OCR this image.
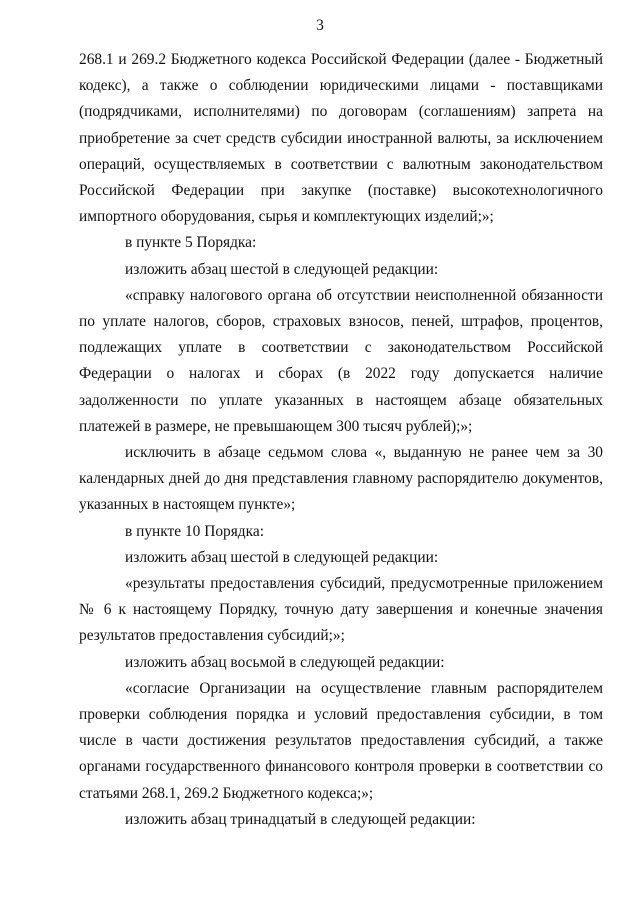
3

268.1 и 269.2 Бюджетного кодекса Российской Федерации (далее - Бюджетный кодекс), а также о соблюдении юридическими лицами - поставщиками (подрядчиками, исполнителями) по договорам (соглашениям) запрета на приобретение за счет средств субсидии иностранной валюты, за исключением операций, осуществляемых в соответствии с валютным законодательством Российской Федерации при закупке (поставке) высокотехнологичного импортного оборудования, сырья и комплектующих изделий;»;

в пункте 5 Порядка:

изложить абзац шестой в следующей редакции:

«справку налогового органа об отсутствии неисполненной обязанности по уплате налогов, сборов, страховых взносов, пеней, штрафов, процентов, подлежащих уплате в соответствии с законодательством Российской Федерации о налогах и сборах (в 2022 году допускается наличие задолженности по уплате указанных в настоящем абзаце обязательных платежей в размере, не превышающем 300 тысяч рублей);»;

исключить в абзаце седьмом слова «, выданную не ранее чем за 30 календарных дней до дня представления главному распорядителю документов, указанных в настоящем пункте»;

в пункте 10 Порядка:

изложить абзац шестой в следующей редакции:

«результаты предоставления субсидий, предусмотренные приложением № 6 к настоящему Порядку, точную дату завершения и конечные значения результатов предоставления субсидий;»;

изложить абзац восьмой в следующей редакции:

«согласие Организации на осуществление главным распорядителем проверки соблюдения порядка и условий предоставления субсидии, в том числе в части достижения результатов предоставления субсидий, а также органами государственного финансового контроля проверки в соответствии со статьями 268.1, 269.2 Бюджетного кодекса;»;

изложить абзац тринадцатый в следующей редакции:
